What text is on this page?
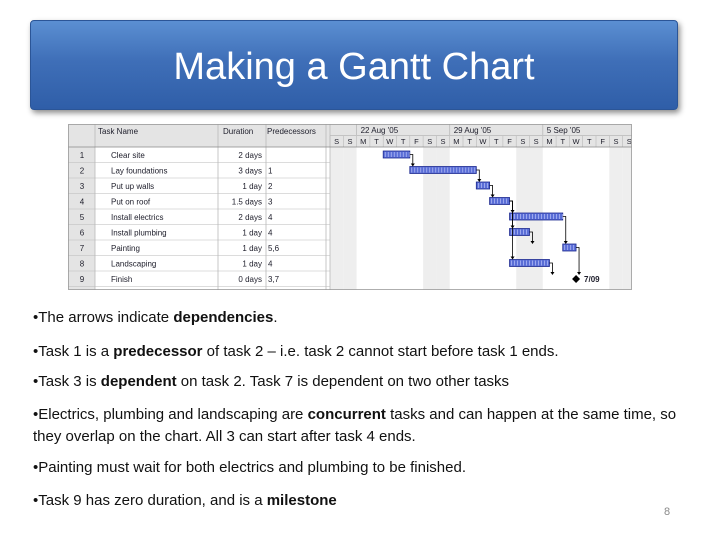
Making a Gantt Chart
Task Name	Duration Predecessors	22 Aug '05	29 Aug '05	5 Sep '05
S S M T W T F S S M T W T F S S M T W T F S S
1	Clear site	2 days
2	Lay foundations	3 days 1
3	Put up walls	1 day 2
4	Put on roof	1.5 days 3
5	Install electrics	2 days 4
6	Install plumbing	1 day 4
7	Painting	1 day 5,6
8	Landscaping	1 day 4
9	Finish	0 days 3,7	7/09
•The arrows indicate dependencies.
•Task 1 is a predecessor of task 2 – i.e. task 2 cannot start before task 1 ends.
•Task 3 is dependent on task 2. Task 7 is dependent on two other tasks
•Electrics, plumbing and landscaping are concurrent tasks and can happen at the same time, so they overlap on the chart. All 3 can start after task 4 ends.
•Painting must wait for both electrics and plumbing to be finished.
•Task 9 has zero duration, and is a milestone
8
